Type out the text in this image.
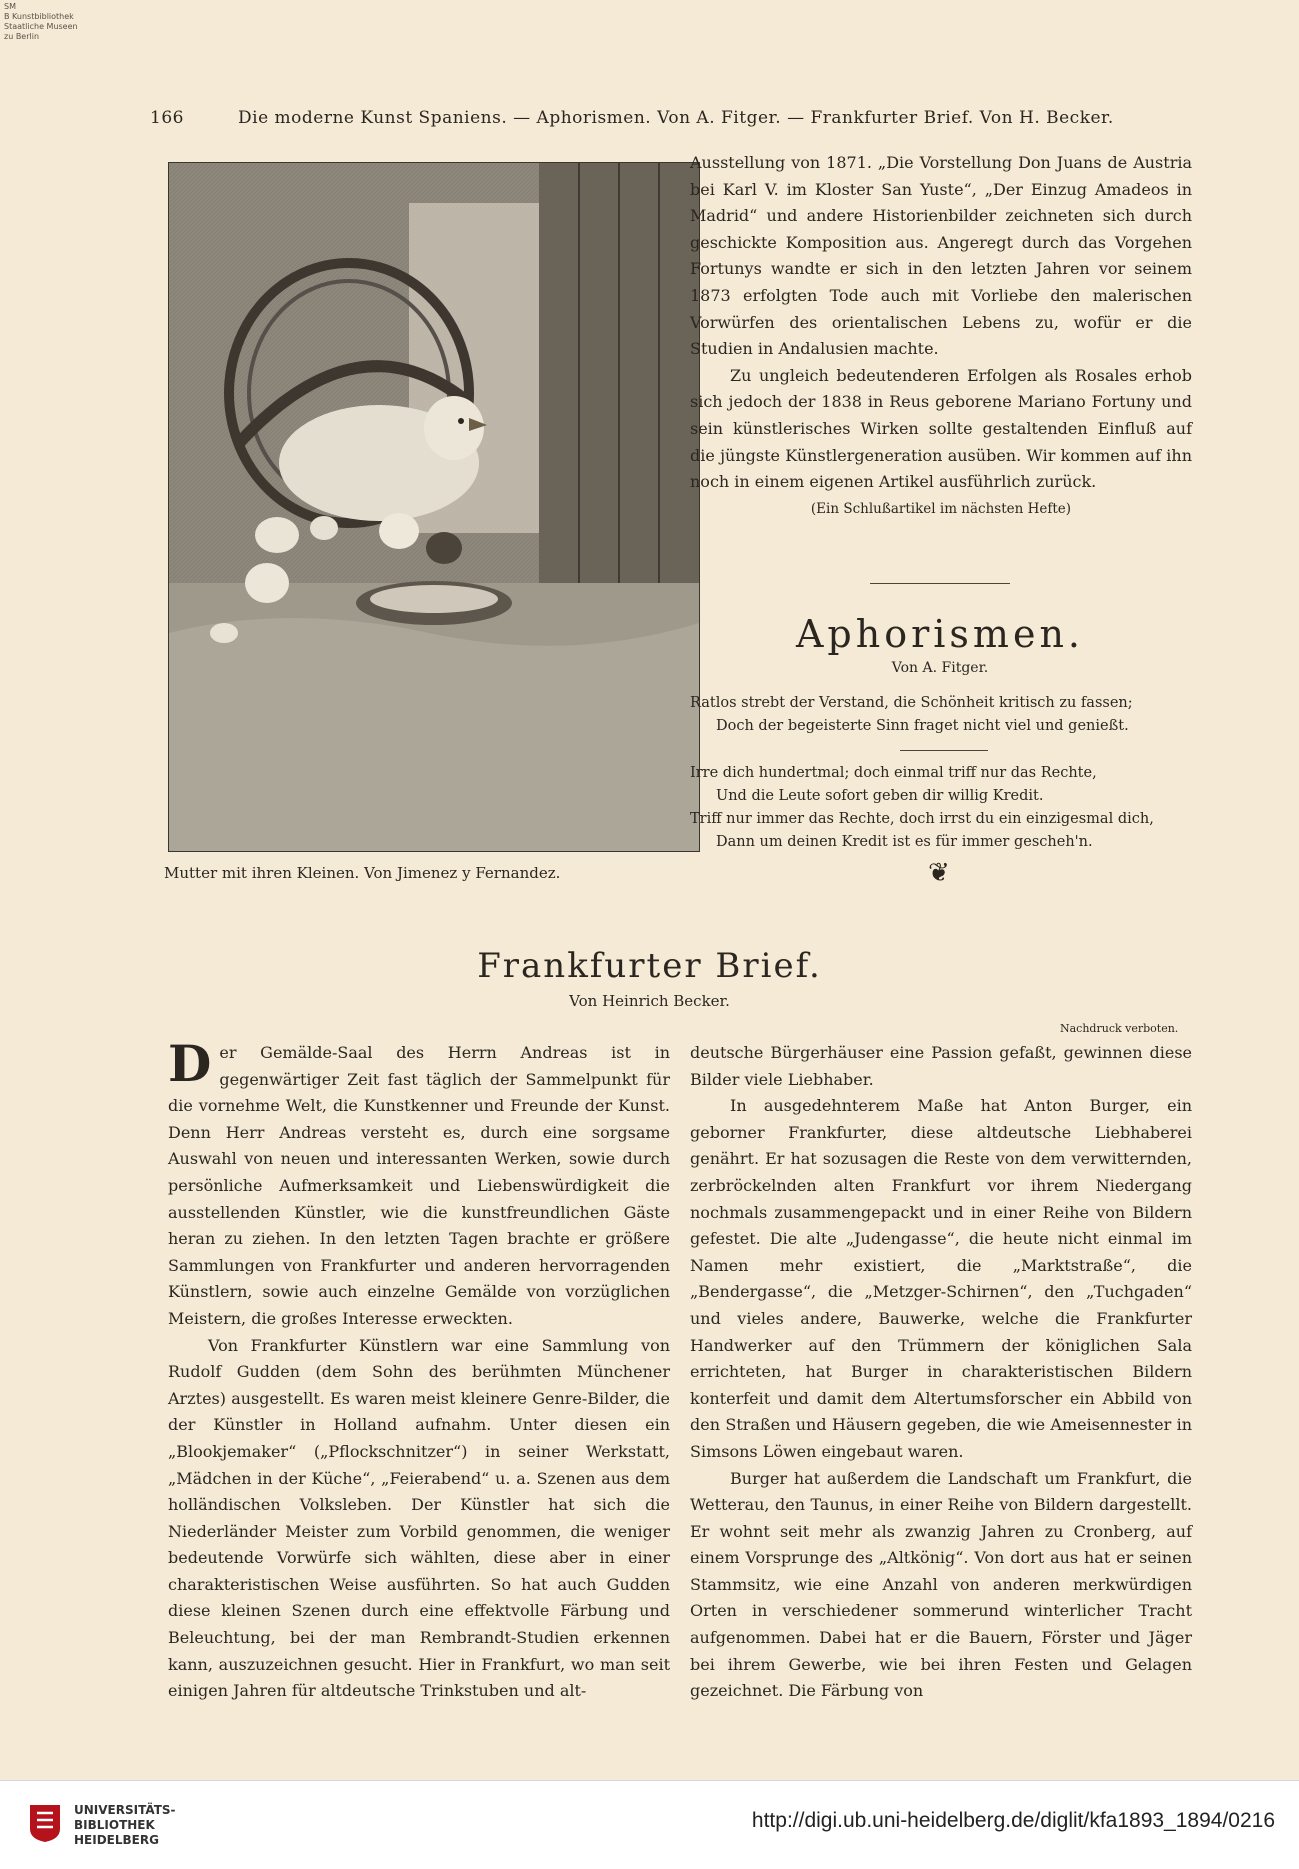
SM
B Kunstbibliothek
Staatliche Museen
zu Berlin
166	Die moderne Kunst Spaniens. — Aphorismen. Von A. Fitger. — Frankfurter Brief. Von H. Becker.
Mutter mit ihren Kleinen. Von Jimenez y Fernandez.

Ausstellung von 1871. „Die Vorstellung Don Juans de Austria bei Karl V. im Kloster San Yuste“, „Der Einzug Amadeos in Madrid“ und andere Historienbilder zeichneten sich durch geschickte Komposition aus. Angeregt durch das Vorgehen Fortunys wandte er sich in den letzten Jahren vor seinem 1873 erfolgten Tode auch mit Vorliebe den malerischen Vorwürfen des orientalischen Lebens zu, wofür er die Studien in Andalusien machte.

Zu ungleich bedeutenderen Erfolgen als Rosales erhob sich jedoch der 1838 in Reus geborene Mariano Fortuny und sein künstlerisches Wirken sollte gestaltenden Einfluß auf die jüngste Künstlergeneration ausüben. Wir kommen auf ihn noch in einem eigenen Artikel ausführlich zurück.

(Ein Schlußartikel im nächsten Hefte)
Aphorismen.
Von A. Fitger.
Ratlos strebt der Verstand, die Schönheit kritisch zu fassen;
Doch der begeisterte Sinn fraget nicht viel und genießt.
Irre dich hundertmal; doch einmal triff nur das Rechte,
Und die Leute sofort geben dir willig Kredit.
Triff nur immer das Rechte, doch irrst du ein einzigesmal dich,
Dann um deinen Kredit ist es für immer gescheh'n.
❦
Frankfurter Brief.
Von Heinrich Becker.
Nachdruck verboten.

Der Gemälde-Saal des Herrn Andreas ist in gegenwärtiger Zeit fast täglich der Sammelpunkt für die vornehme Welt, die Kunstkenner und Freunde der Kunst. Denn Herr Andreas versteht es, durch eine sorgsame Auswahl von neuen und interessanten Werken, sowie durch persönliche Aufmerksamkeit und Liebenswürdigkeit die ausstellenden Künstler, wie die kunstfreundlichen Gäste heran zu ziehen. In den letzten Tagen brachte er größere Sammlungen von Frankfurter und anderen hervorragenden Künstlern, sowie auch einzelne Gemälde von vorzüglichen Meistern, die großes Interesse erweckten.

Von Frankfurter Künstlern war eine Sammlung von Rudolf Gudden (dem Sohn des berühmten Münchener Arztes) ausgestellt. Es waren meist kleinere Genre-Bilder, die der Künstler in Holland aufnahm. Unter diesen ein „Blookjemaker“ („Pflockschnitzer“) in seiner Werkstatt, „Mädchen in der Küche“, „Feierabend“ u. a. Szenen aus dem holländischen Volksleben. Der Künstler hat sich die Niederländer Meister zum Vorbild genommen, die weniger bedeutende Vorwürfe sich wählten, diese aber in einer charakteristischen Weise ausführten. So hat auch Gudden diese kleinen Szenen durch eine effektvolle Färbung und Beleuchtung, bei der man Rembrandt-Studien erkennen kann, auszuzeichnen gesucht. Hier in Frankfurt, wo man seit einigen Jahren für altdeutsche Trinkstuben und alt-

deutsche Bürgerhäuser eine Passion gefaßt, gewinnen diese Bilder viele Liebhaber.

In ausgedehnterem Maße hat Anton Burger, ein geborner Frankfurter, diese altdeutsche Liebhaberei genährt. Er hat sozusagen die Reste von dem verwitternden, zerbröckelnden alten Frankfurt vor ihrem Niedergang nochmals zusammengepackt und in einer Reihe von Bildern gefestet. Die alte „Judengasse“, die heute nicht einmal im Namen mehr existiert, die „Marktstraße“, die „Bendergasse“, die „Metzger-Schirnen“, den „Tuchgaden“ und vieles andere, Bauwerke, welche die Frankfurter Handwerker auf den Trümmern der königlichen Sala errichteten, hat Burger in charakteristischen Bildern konterfeit und damit dem Altertumsforscher ein Abbild von den Straßen und Häusern gegeben, die wie Ameisennester in Simsons Löwen eingebaut waren.

Burger hat außerdem die Landschaft um Frankfurt, die Wetterau, den Taunus, in einer Reihe von Bildern dargestellt. Er wohnt seit mehr als zwanzig Jahren zu Cronberg, auf einem Vorsprunge des „Altkönig“. Von dort aus hat er seinen Stammsitz, wie eine Anzahl von anderen merkwürdigen Orten in verschiedener sommerund winterlicher Tracht aufgenommen. Dabei hat er die Bauern, Förster und Jäger bei ihrem Gewerbe, wie bei ihren Festen und Gelagen gezeichnet. Die Färbung von

UNIVERSITÄTS-
BIBLIOTHEK
HEIDELBERG
http://digi.ub.uni-heidelberg.de/diglit/kfa1893_1894/0216
